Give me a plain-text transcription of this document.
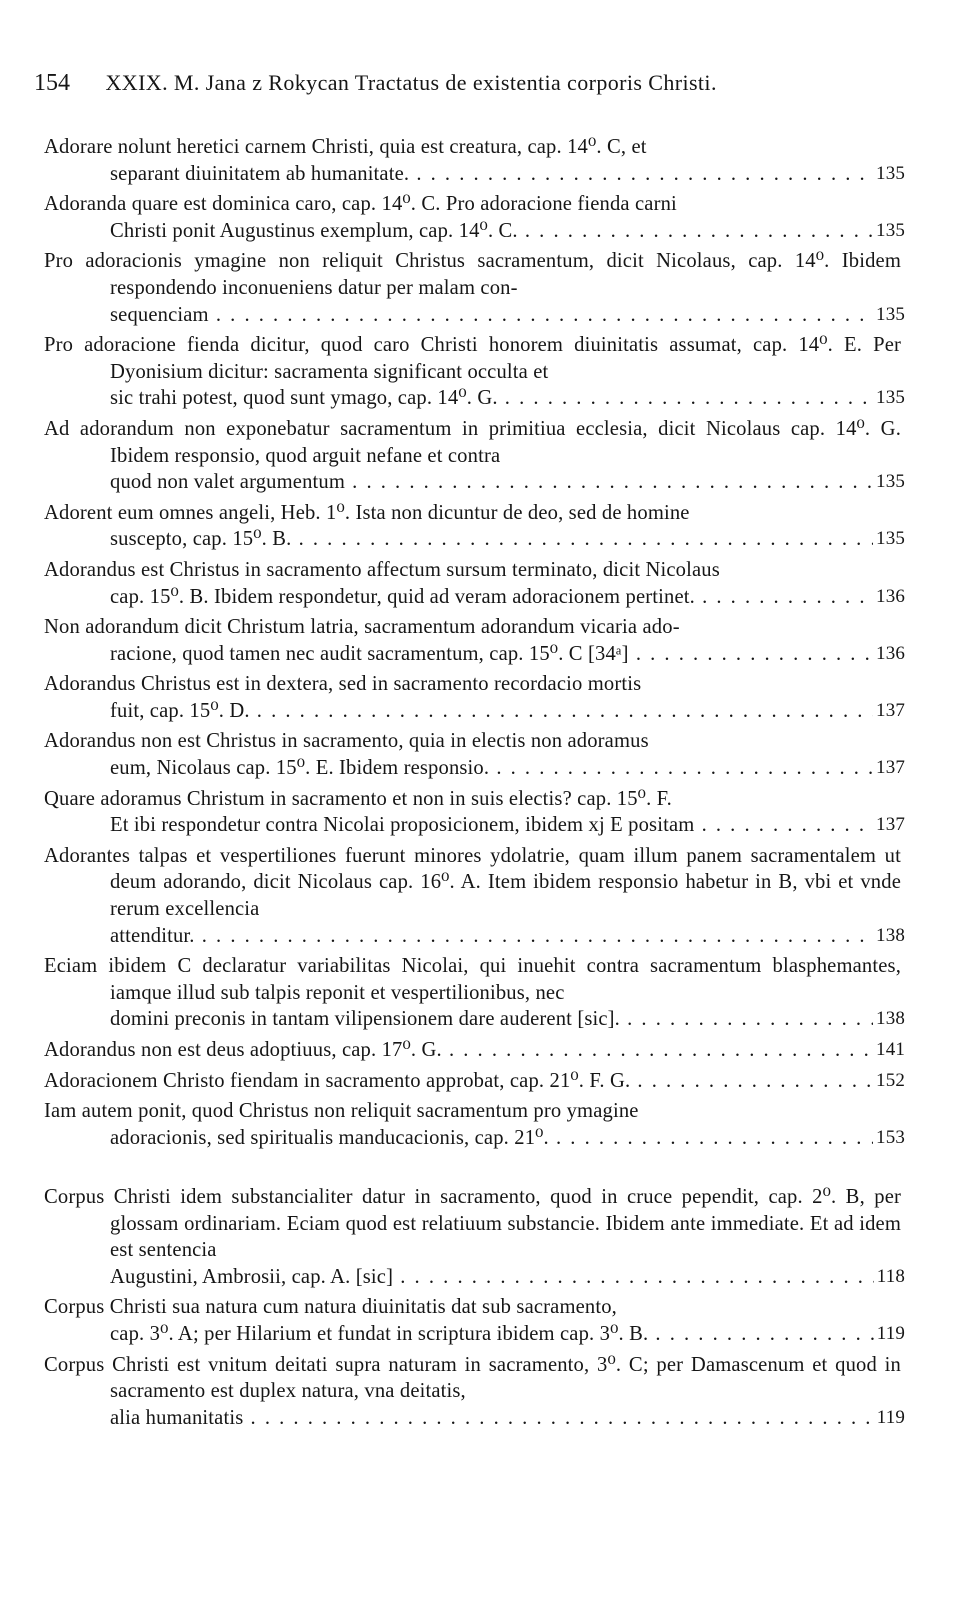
154 XXIX. M. Jana z Rokycan Tractatus de existentia corporis Christi.
Adorare nolunt heretici carnem Christi, quia est creatura, cap. 14⁰. C, et
separant diuinitatem ab humanitate. . . .	135
Adoranda quare est dominica caro, cap. 14⁰. C. Pro adoracione fienda carni
Christi ponit Augustinus exemplum, cap. 14⁰. C. . . .	135
Pro adoracionis ymagine non reliquit Christus sacramentum, dicit Nicolaus, cap. 14⁰. Ibidem respondendo inconueniens datur per malam con-
sequenciam . . .	135
Pro adoracione fienda dicitur, quod caro Christi honorem diuinitatis assumat, cap. 14⁰. E. Per Dyonisium dicitur: sacramenta significant occulta et
sic trahi potest, quod sunt ymago, cap. 14⁰. G. . . .	135
Ad adorandum non exponebatur sacramentum in primitiua ecclesia, dicit Nicolaus cap. 14⁰. G. Ibidem responsio, quod arguit nefane et contra
quod non valet argumentum . . .	135
Adorent eum omnes angeli, Heb. 1⁰. Ista non dicuntur de deo, sed de homine
suscepto, cap. 15⁰. B. . . .	135
Adorandus est Christus in sacramento affectum sursum terminato, dicit Nicolaus
cap. 15⁰. B. Ibidem respondetur, quid ad veram adoracionem pertinet. . . .	136
Non adorandum dicit Christum latria, sacramentum adorandum vicaria ado-
racione, quod tamen nec audit sacramentum, cap. 15⁰. C [34ᵃ] . . .	136
Adorandus Christus est in dextera, sed in sacramento recordacio mortis
fuit, cap. 15⁰. D. . . .	137
Adorandus non est Christus in sacramento, quia in electis non adoramus
eum, Nicolaus cap. 15⁰. E. Ibidem responsio. . . .	137
Quare adoramus Christum in sacramento et non in suis electis? cap. 15⁰. F.
Et ibi respondetur contra Nicolai proposicionem, ibidem xj E positam . . .	137
Adorantes talpas et vespertiliones fuerunt minores ydolatrie, quam illum panem sacramentalem ut deum adorando, dicit Nicolaus cap. 16⁰. A. Item ibidem responsio habetur in B, vbi et vnde rerum excellencia
attenditur. . . .	138
Eciam ibidem C declaratur variabilitas Nicolai, qui inuehit contra sacramentum blasphemantes, iamque illud sub talpis reponit et vespertilionibus, nec
domini preconis in tantam vilipensionem dare auderent [sic]. . . .	138
Adorandus non est deus adoptiuus, cap. 17⁰. G. . . .	141
Adoracionem Christo fiendam in sacramento approbat, cap. 21⁰. F. G. . . .	152
Iam autem ponit, quod Christus non reliquit sacramentum pro ymagine
adoracionis, sed spiritualis manducacionis, cap. 21⁰. . . .	153
Corpus Christi idem substancialiter datur in sacramento, quod in cruce pependit, cap. 2⁰. B, per glossam ordinariam. Eciam quod est relatiuum substancie. Ibidem ante immediate. Et ad idem est sentencia
Augustini, Ambrosii, cap. A. [sic] . . .	118
Corpus Christi sua natura cum natura diuinitatis dat sub sacramento,
cap. 3⁰. A; per Hilarium et fundat in scriptura ibidem cap. 3⁰. B. . . .	119
Corpus Christi est vnitum deitati supra naturam in sacramento, 3⁰. C; per Damascenum et quod in sacramento est duplex natura, vna deitatis,
alia humanitatis . . .	119
